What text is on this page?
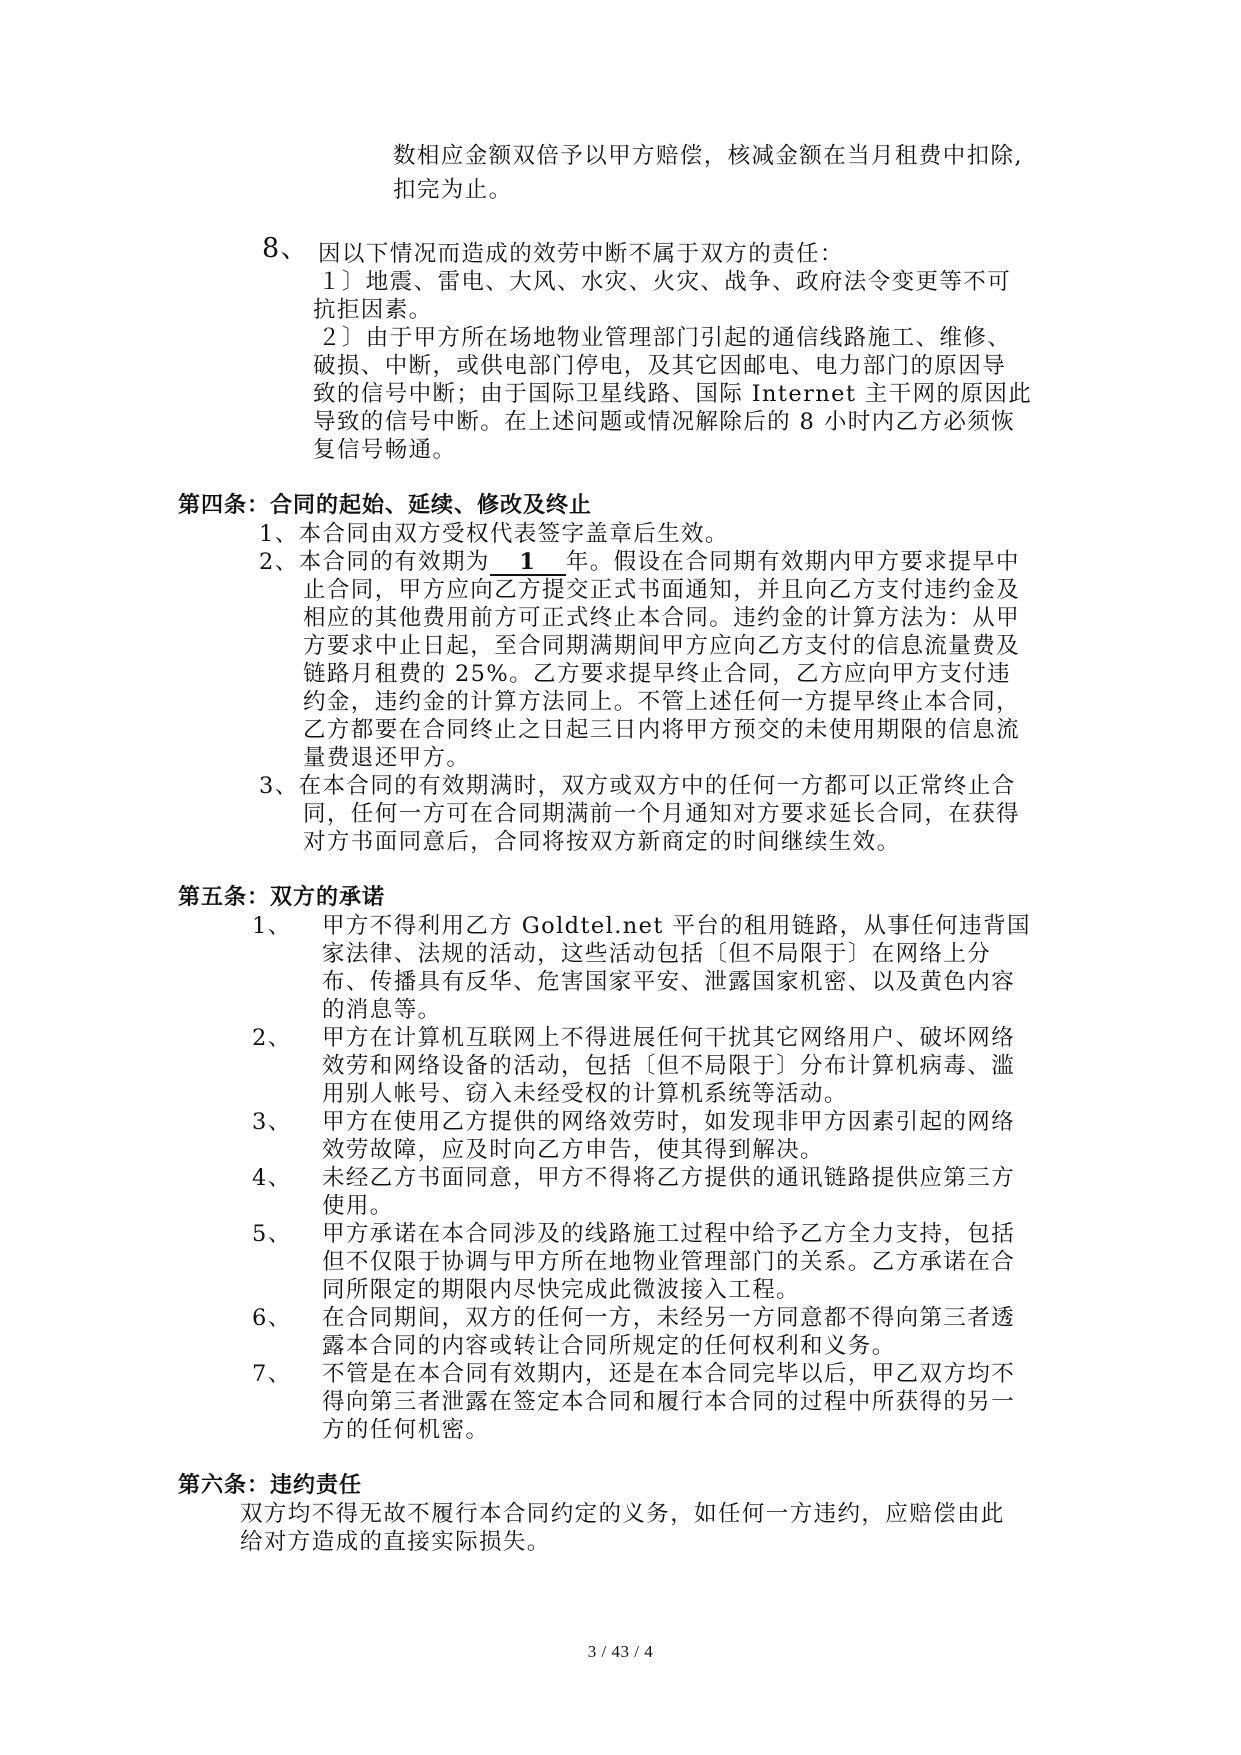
数相应金额双倍予以甲方赔偿，核减金额在当月租费中扣除,
扣完为止。
8、 因以下情况而造成的效劳中断不属于双方的责任：
１〕地震、雷电、大风、水灾、火灾、战争、政府法令变更等不可
抗拒因素。
２〕由于甲方所在场地物业管理部门引起的通信线路施工、维修、
破损、中断，或供电部门停电，及其它因邮电、电力部门的原因导
致的信号中断；由于国际卫星线路、国际 Internet 主干网的原因此
导致的信号中断。在上述问题或情况解除后的 8 小时内乙方必须恢
复信号畅通。
第四条：合同的起始、延续、修改及终止
1、本合同由双方受权代表签字盖章后生效。
2、本合同的有效期为 1 年。假设在合同期有效期内甲方要求提早中
止合同，甲方应向乙方提交正式书面通知，并且向乙方支付违约金及
相应的其他费用前方可正式终止本合同。违约金的计算方法为：从甲
方要求中止日起，至合同期满期间甲方应向乙方支付的信息流量费及
链路月租费的 25%。乙方要求提早终止合同，乙方应向甲方支付违
约金，违约金的计算方法同上。不管上述任何一方提早终止本合同，
乙方都要在合同终止之日起三日内将甲方预交的未使用期限的信息流
量费退还甲方。
3、在本合同的有效期满时，双方或双方中的任何一方都可以正常终止合
同，任何一方可在合同期满前一个月通知对方要求延长合同，在获得
对方书面同意后，合同将按双方新商定的时间继续生效。
第五条：双方的承诺
1、 甲方不得利用乙方 Goldtel.net 平台的租用链路，从事任何违背国
家法律、法规的活动，这些活动包括〔但不局限于〕在网络上分
布、传播具有反华、危害国家平安、泄露国家机密、以及黄色内容
的消息等。
2、 甲方在计算机互联网上不得进展任何干扰其它网络用户、破坏网络
效劳和网络设备的活动，包括〔但不局限于〕分布计算机病毒、滥
用别人帐号、窃入未经受权的计算机系统等活动。
3、 甲方在使用乙方提供的网络效劳时，如发现非甲方因素引起的网络
效劳故障，应及时向乙方申告，使其得到解决。
4、 未经乙方书面同意，甲方不得将乙方提供的通讯链路提供应第三方
使用。
5、 甲方承诺在本合同涉及的线路施工过程中给予乙方全力支持，包括
但不仅限于协调与甲方所在地物业管理部门的关系。乙方承诺在合
同所限定的期限内尽快完成此微波接入工程。
6、 在合同期间，双方的任何一方，未经另一方同意都不得向第三者透
露本合同的内容或转让合同所规定的任何权利和义务。
7、 不管是在本合同有效期内，还是在本合同完毕以后，甲乙双方均不
得向第三者泄露在签定本合同和履行本合同的过程中所获得的另一
方的任何机密。
第六条：违约责任
双方均不得无故不履行本合同约定的义务，如任何一方违约，应赔偿由此
给对方造成的直接实际损失。
3 / 43 / 4
